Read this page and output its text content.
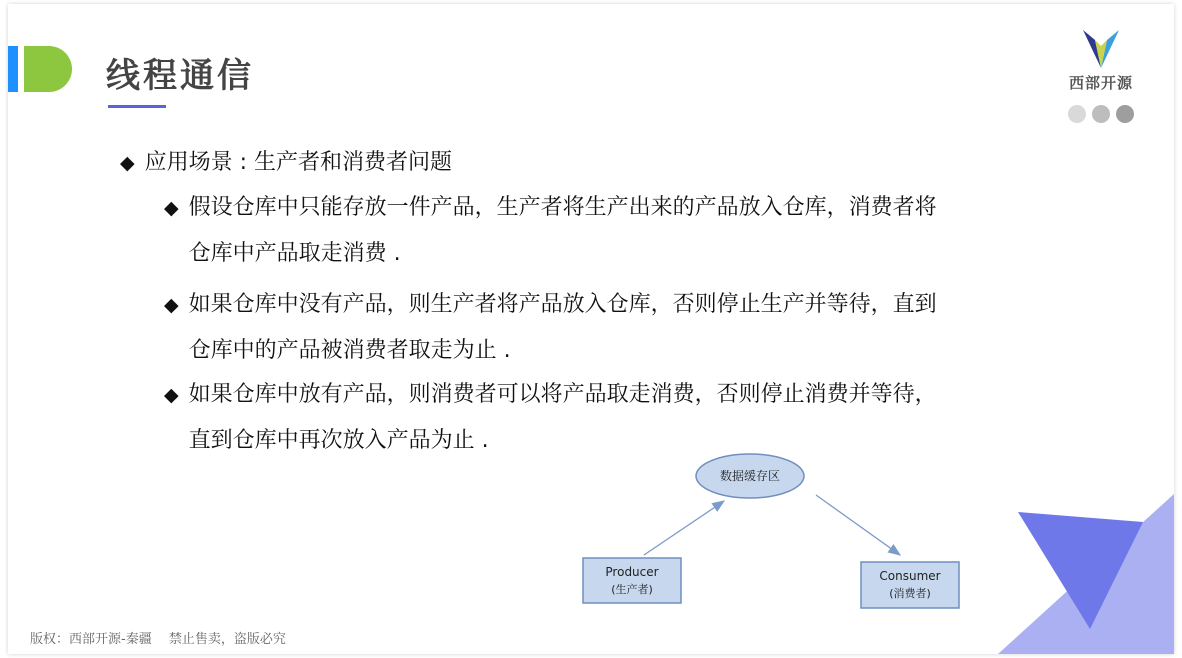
线程通信	西部开源
◆ 应用场景 : 生产者和消费者问题
◆ 假设仓库中只能存放一件产品，生产者将生产出来的产品放入仓库，消费者将
仓库中产品取走消费 .
◆ 如果仓库中没有产品，则生产者将产品放入仓库，否则停止生产并等待，直到
仓库中的产品被消费者取走为止 .
◆ 如果仓库中放有产品，则消费者可以将产品取走消费，否则停止消费并等待，
直到仓库中再次放入产品为止 .
数据缓存区
Producer
(生产者)
Consumer
(消费者)
版权：西部开源-秦疆　 禁止售卖，盗版必究
